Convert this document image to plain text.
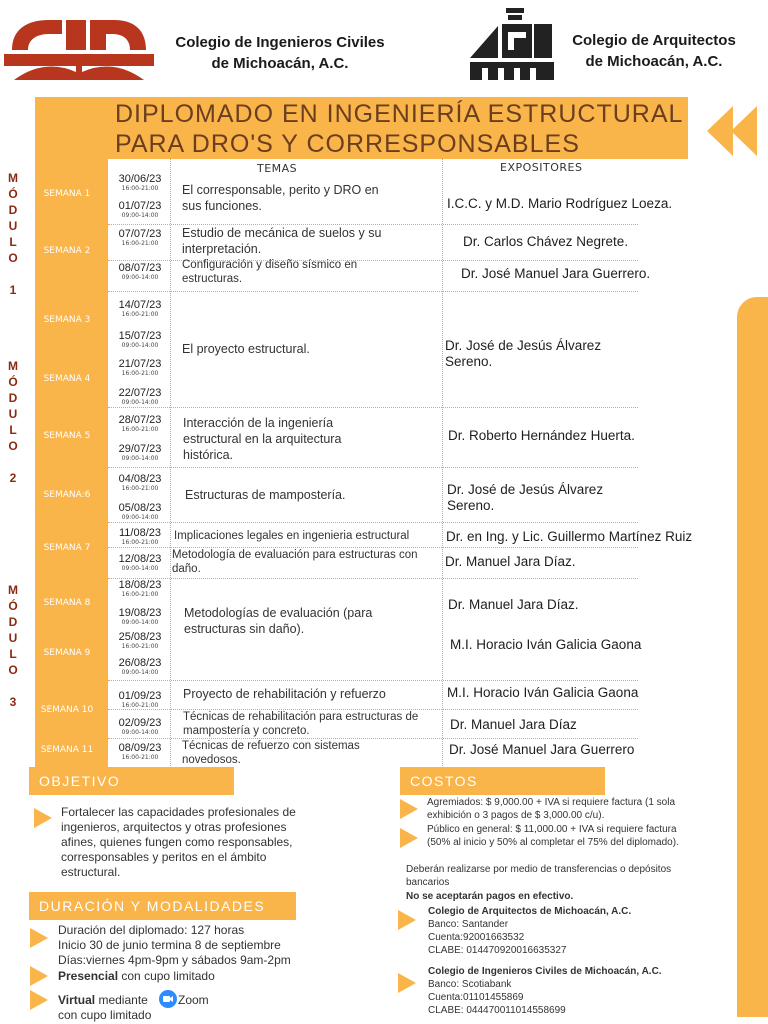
Colegio de Ingenieros Civiles
de Michoacán, A.C.
Colegio de Arquitectos
de Michoacán, A.C.
DIPLOMADO EN INGENIERÍA ESTRUCTURAL
PARA DRO'S Y CORRESPONSABLES
M
Ó
D
U
L
O

1
M
Ó
D
U
L
O

2
M
Ó
D
U
L
O

3
SEMANA 1
SEMANA 2
SEMANA 3
SEMANA 4
SEMANA 5
SEMANA:6
SEMANA 7
SEMANA 8
SEMANA 9
SEMANA 10
SEMANA 11
TEMAS	EXPOSITORES
30/06/23
16:00-21:00
01/07/23
09:00-14:00
07/07/23
16:00-21:00
08/07/23
09:00-14:00
14/07/23
16:00-21:00
15/07/23
09:00-14:00
21/07/23
16:00-21:00
22/07/23
09:00-14:00
28/07/23
16:00-21:00
29/07/23
09:00-14:00
04/08/23
16:00-21:00
05/08/23
09:00-14:00
11/08/23
16:00-21:00
12/08/23
09:00-14:00
18/08/23
16:00-21:00
19/08/23
09:00-14:00
25/08/23
16:00-21:00
26/08/23
09:00-14:00
01/09/23
16:00-21:00
02/09/23
09:00-14:00
08/09/23
16:00-21:00
El corresponsable, perito y DRO en sus funciones.
Estudio de mecánica de suelos y su interpretación.
Configuración y diseño sísmico en estructuras.
El proyecto estructural.
Interacción de la ingeniería estructural en la arquitectura histórica.
Estructuras de mampostería.
Implicaciones legales en ingenieria estructural
Metodología de evaluación para estructuras con daño.
Metodologías de evaluación (para estructuras sin daño).
Proyecto de rehabilitación y refuerzo
Técnicas de rehabilitación para estructuras de mampostería y concreto.
Técnicas de refuerzo con sistemas novedosos.
I.C.C. y M.D. Mario Rodríguez Loeza.
Dr. Carlos Chávez Negrete.
Dr. José Manuel Jara Guerrero.
Dr. José de Jesús Álvarez Sereno.
Dr. Roberto Hernández Huerta.
Dr. José de Jesús Álvarez Sereno.
Dr. en Ing. y Lic. Guillermo Martínez Ruiz
Dr. Manuel Jara Díaz.
Dr. Manuel Jara Díaz.
M.I. Horacio Iván Galicia Gaona
M.I. Horacio Iván Galicia Gaona
Dr. Manuel Jara Díaz
Dr. José Manuel Jara Guerrero
OBJETIVO
Fortalecer las capacidades profesionales de ingenieros, arquitectos y otras profesiones afines, quienes fungen como responsables, corresponsables y peritos en el ámbito estructural.
DURACIÓN Y MODALIDADES
Duración del diplomado: 127 horas
Inicio 30 de junio termina 8 de septiembre
Días:viernes 4pm-9pm y sábados 9am-2pm
Presencial con cupo limitado
Virtual mediante	Zoom
con cupo limitado
COSTOS
Agremiados: $ 9,000.00 + IVA si requiere factura (1 sola exhibición o 3 pagos de $ 3,000.00 c/u).
Público en general: $ 11,000.00 + IVA si requiere factura (50% al inicio y 50% al completar el 75% del diplomado).
Deberán realizarse por medio de transferencias o depósitos bancarios
No se aceptarán pagos en efectivo.
Colegio de Arquitectos de Michoacán, A.C.
Banco: Santander
Cuenta:92001663532
CLABE: 014470920016635327
Colegio de Ingenieros Civiles de Michoacán, A.C.
Banco: Scotiabank
Cuenta:01101455869
CLABE: 044470011014558699
